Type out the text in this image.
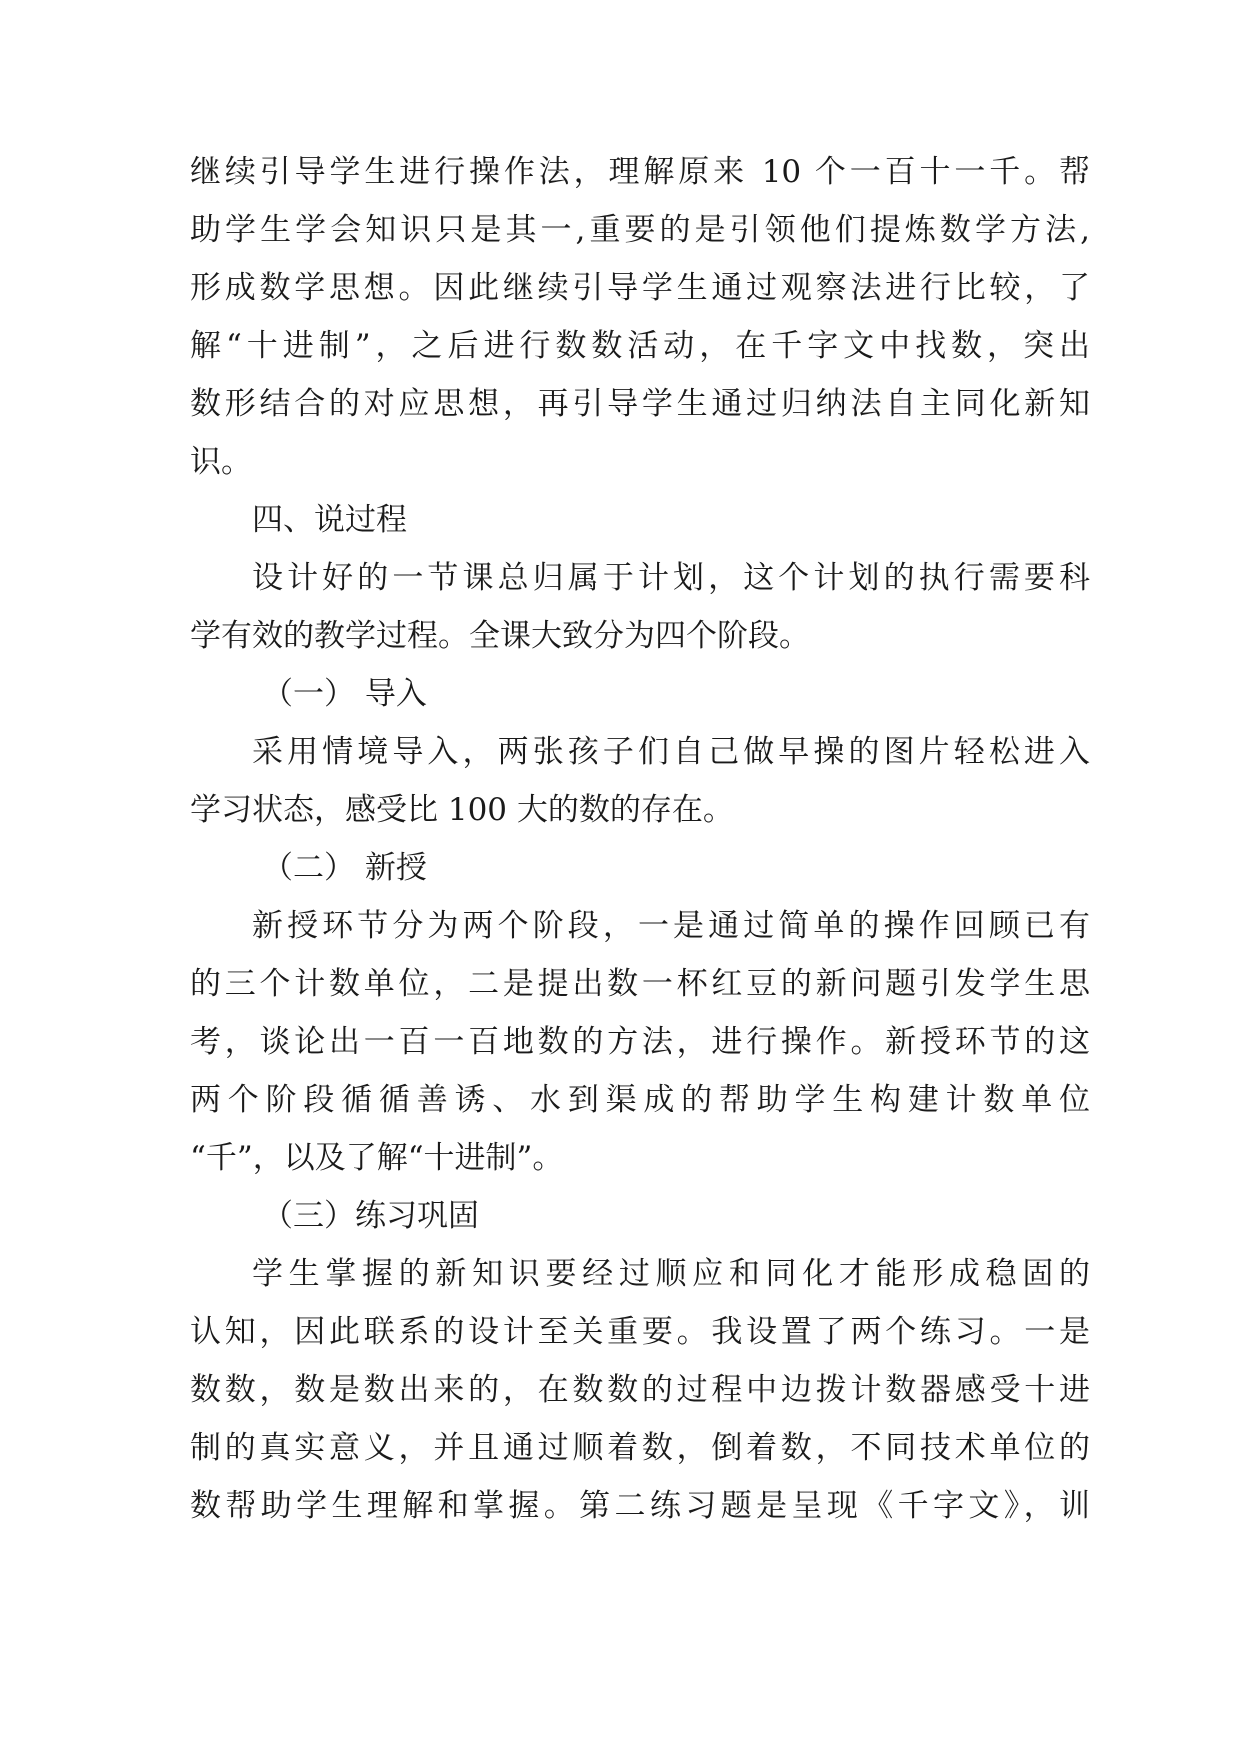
继续引导学生进行操作法，理解原来 10 个一百十一千。帮
助学生学会知识只是其一,重要的是引领他们提炼数学方法,
形成数学思想。因此继续引导学生通过观察法进行比较，了
解“十进制”，之后进行数数活动，在千字文中找数，突出
数形结合的对应思想，再引导学生通过归纳法自主同化新知
识。
四、说过程
设计好的一节课总归属于计划，这个计划的执行需要科
学有效的教学过程。全课大致分为四个阶段。
（一） 导入
采用情境导入，两张孩子们自己做早操的图片轻松进入
学习状态，感受比 100 大的数的存在。
（二） 新授
新授环节分为两个阶段，一是通过简单的操作回顾已有
的三个计数单位，二是提出数一杯红豆的新问题引发学生思
考，谈论出一百一百地数的方法，进行操作。新授环节的这
两个阶段循循善诱、水到渠成的帮助学生构建计数单位
“千”，以及了解“十进制”。
（三）练习巩固
学生掌握的新知识要经过顺应和同化才能形成稳固的
认知，因此联系的设计至关重要。我设置了两个练习。一是
数数，数是数出来的，在数数的过程中边拨计数器感受十进
制的真实意义，并且通过顺着数，倒着数，不同技术单位的
数帮助学生理解和掌握。第二练习题是呈现《千字文》，训
